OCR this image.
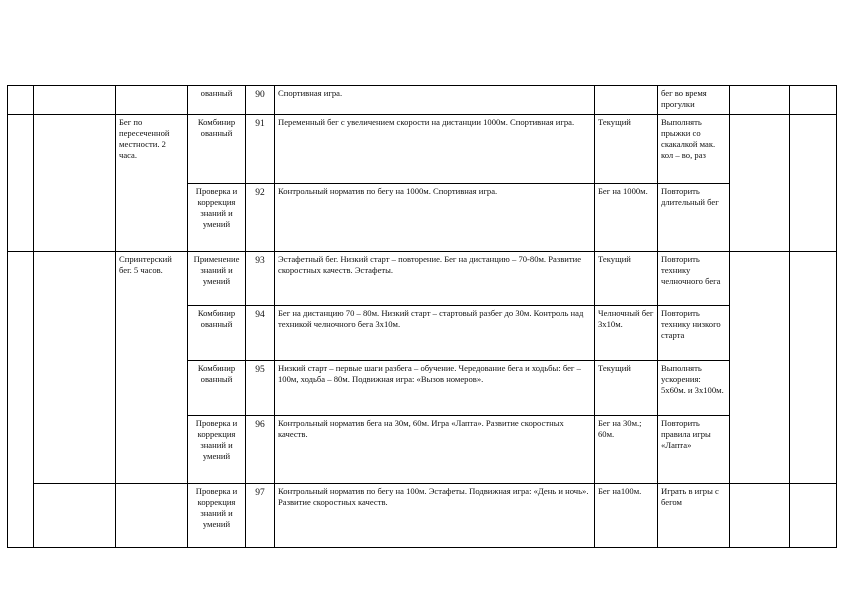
			ованный	90	Спортивная игра.		бег во время прогулки		
		Бег по пересеченной местности. 2 часа.	Комбинир ованный	91	Переменный бег с увеличением скорости на дистанции 1000м. Спортивная игра.	Текущий	Выполнять прыжки со скакалкой мак. кол – во, раз		
			Проверка и коррекция знаний и умений	92	Контрольный норматив по бегу на 1000м. Спортивная игра.	Бег на 1000м.	Повторить длительный бег		
		Спринтерский бег. 5 часов.	Применение знаний и умений	93	Эстафетный бег. Низкий старт – повторение. Бег на дистанцию – 70-80м. Развитие скоростных качеств. Эстафеты.	Текущий	Повторить технику челночного бега		
			Комбинир ованный	94	Бег на дистанцию 70 – 80м. Низкий старт – стартовый разбег до 30м. Контроль над техникой челночного бега 3х10м.	Челночный бег 3х10м.	Повторить технику низкого старта		
			Комбинир ованный	95	Низкий старт – первые шаги разбега – обучение. Чередование бега и ходьбы: бег – 100м, ходьба – 80м. Подвижная игра: «Вызов номеров».	Текущий	Выполнять ускорения: 5х60м. и 3х100м.		
			Проверка и коррекция знаний и умений	96	Контрольный норматив бега на 30м, 60м. Игра «Лапта». Развитие скоростных качеств.	Бег на 30м.; 60м.	Повторить правила игры «Лапта»		
			Проверка и коррекция знаний и умений	97	Контрольный норматив по бегу на 100м. Эстафеты. Подвижная игра: «День и ночь». Развитие скоростных качеств.	Бег на100м.	Играть в игры с бегом		
